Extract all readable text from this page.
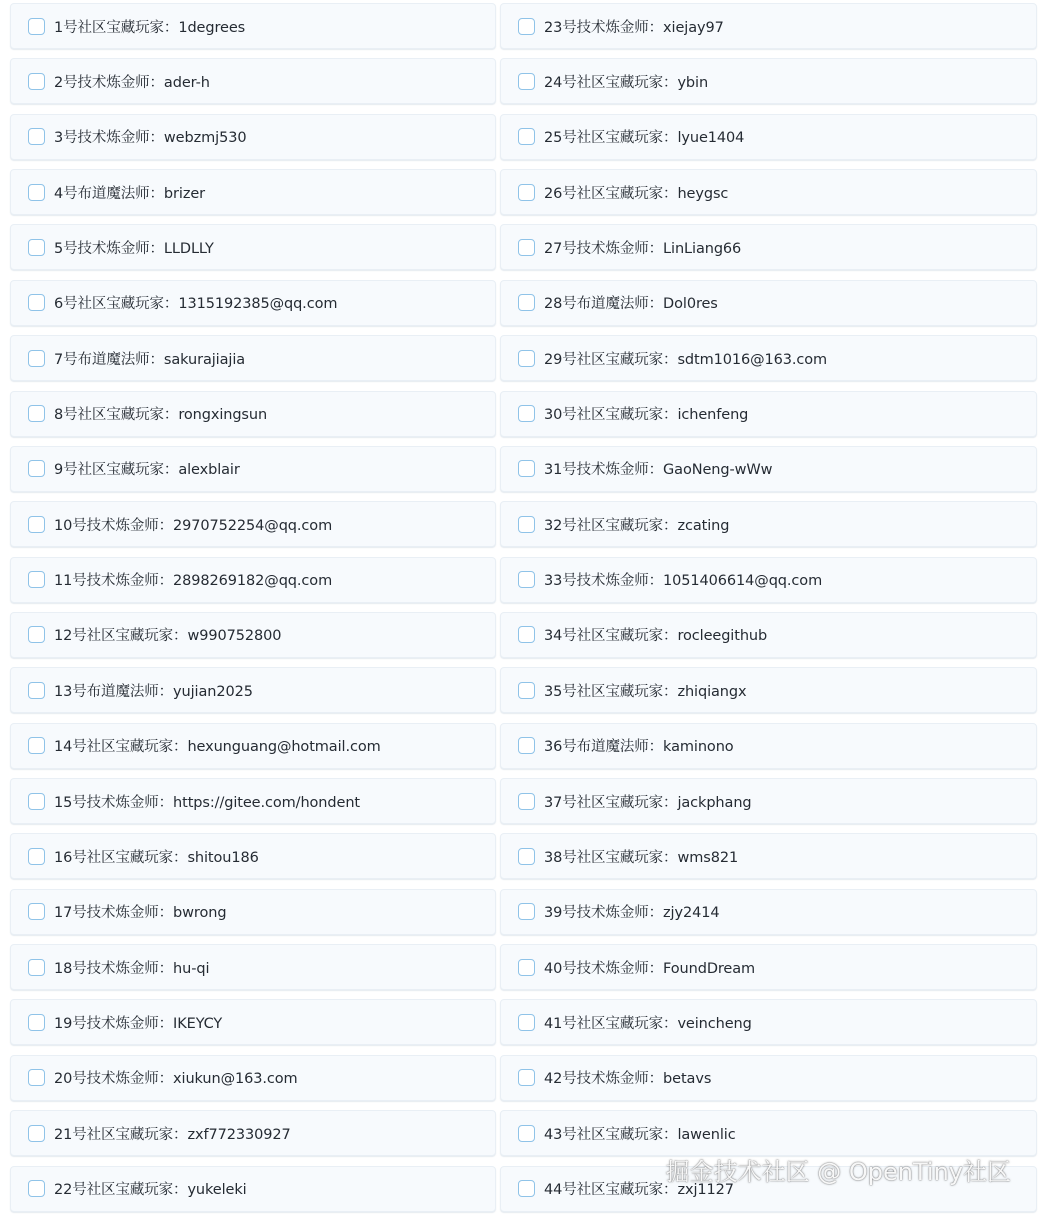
1号社区宝藏玩家：1degrees
2号技术炼金师：ader-h
3号技术炼金师：webzmj530
4号布道魔法师：brizer
5号技术炼金师：LLDLLY
6号社区宝藏玩家：1315192385@qq.com
7号布道魔法师：sakurajiajia
8号社区宝藏玩家：rongxingsun
9号社区宝藏玩家：alexblair
10号技术炼金师：2970752254@qq.com
11号技术炼金师：2898269182@qq.com
12号社区宝藏玩家：w990752800
13号布道魔法师：yujian2025
14号社区宝藏玩家：hexunguang@hotmail.com
15号技术炼金师：https://gitee.com/hondent
16号社区宝藏玩家：shitou186
17号技术炼金师：bwrong
18号技术炼金师：hu-qi
19号技术炼金师：IKEYCY
20号技术炼金师：xiukun@163.com
21号社区宝藏玩家：zxf772330927
22号社区宝藏玩家：yukeleki
23号技术炼金师：xiejay97
24号社区宝藏玩家：ybin
25号社区宝藏玩家：lyue1404
26号社区宝藏玩家：heygsc
27号技术炼金师：LinLiang66
28号布道魔法师：Dol0res
29号社区宝藏玩家：sdtm1016@163.com
30号社区宝藏玩家：ichenfeng
31号技术炼金师：GaoNeng-wWw
32号社区宝藏玩家：zcating
33号技术炼金师：1051406614@qq.com
34号社区宝藏玩家：rocleegithub
35号社区宝藏玩家：zhiqiangx
36号布道魔法师：kaminono
37号社区宝藏玩家：jackphang
38号社区宝藏玩家：wms821
39号技术炼金师：zjy2414
40号技术炼金师：FoundDream
41号社区宝藏玩家：veincheng
42号技术炼金师：betavs
43号社区宝藏玩家：lawenlic
44号社区宝藏玩家：zxj1127
掘金技术社区 @ OpenTiny社区
